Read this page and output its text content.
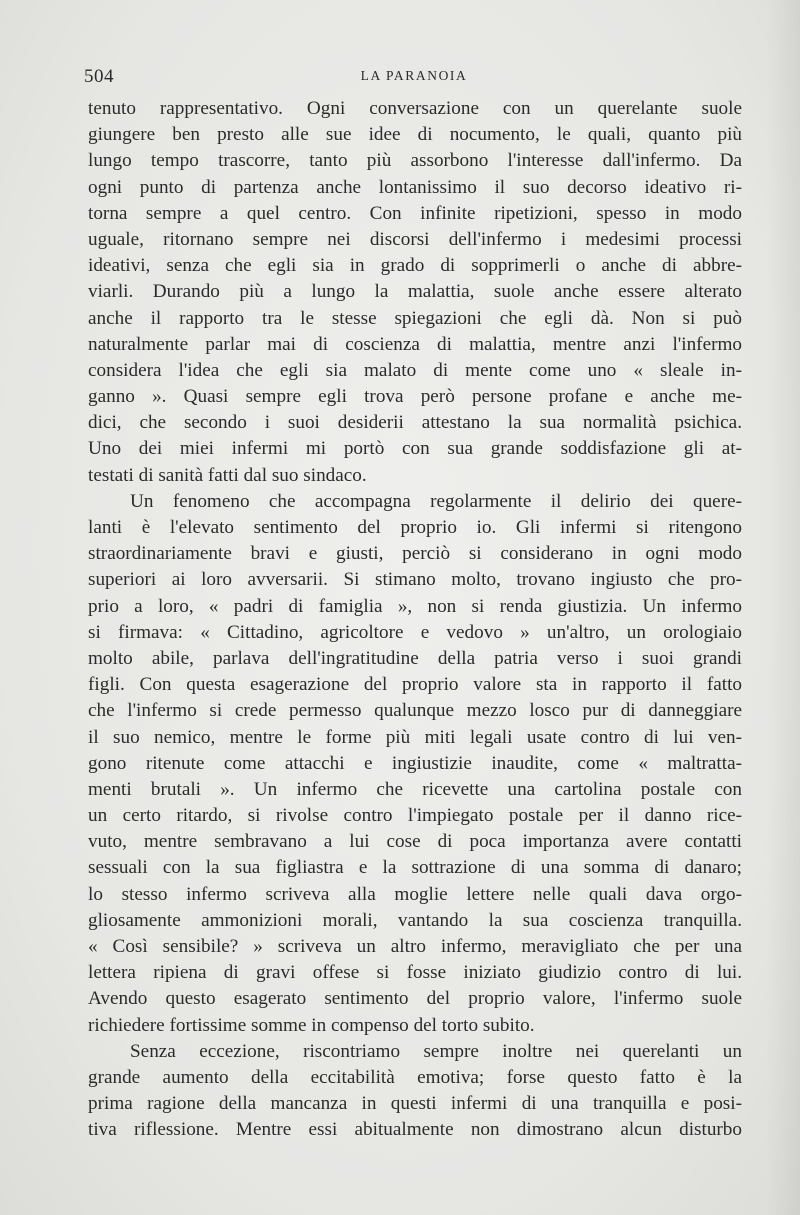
504	LA PARANOIA
tenuto rappresentativo. Ogni conversazione con un querelante suole
giungere ben presto alle sue idee di nocumento, le quali, quanto più
lungo tempo trascorre, tanto più assorbono l'interesse dall'infermo. Da
ogni punto di partenza anche lontanissimo il suo decorso ideativo ri-
torna sempre a quel centro. Con infinite ripetizioni, spesso in modo
uguale, ritornano sempre nei discorsi dell'infermo i medesimi processi
ideativi, senza che egli sia in grado di sopprimerli o anche di abbre-
viarli. Durando più a lungo la malattia, suole anche essere alterato
anche il rapporto tra le stesse spiegazioni che egli dà. Non si può
naturalmente parlar mai di coscienza di malattia, mentre anzi l'infermo
considera l'idea che egli sia malato di mente come uno « sleale in-
ganno ». Quasi sempre egli trova però persone profane e anche me-
dici, che secondo i suoi desiderii attestano la sua normalità psichica.
Uno dei miei infermi mi portò con sua grande soddisfazione gli at-
testati di sanità fatti dal suo sindaco.
Un fenomeno che accompagna regolarmente il delirio dei quere-
lanti è l'elevato sentimento del proprio io. Gli infermi si ritengono
straordinariamente bravi e giusti, perciò si considerano in ogni modo
superiori ai loro avversarii. Si stimano molto, trovano ingiusto che pro-
prio a loro, « padri di famiglia », non si renda giustizia. Un infermo
si firmava: « Cittadino, agricoltore e vedovo » un'altro, un orologiaio
molto abile, parlava dell'ingratitudine della patria verso i suoi grandi
figli. Con questa esagerazione del proprio valore sta in rapporto il fatto
che l'infermo si crede permesso qualunque mezzo losco pur di danneggiare
il suo nemico, mentre le forme più miti legali usate contro di lui ven-
gono ritenute come attacchi e ingiustizie inaudite, come « maltratta-
menti brutali ». Un infermo che ricevette una cartolina postale con
un certo ritardo, si rivolse contro l'impiegato postale per il danno rice-
vuto, mentre sembravano a lui cose di poca importanza avere contatti
sessuali con la sua figliastra e la sottrazione di una somma di danaro;
lo stesso infermo scriveva alla moglie lettere nelle quali dava orgo-
gliosamente ammonizioni morali, vantando la sua coscienza tranquilla.
« Così sensibile? » scriveva un altro infermo, meravigliato che per una
lettera ripiena di gravi offese si fosse iniziato giudizio contro di lui.
Avendo questo esagerato sentimento del proprio valore, l'infermo suole
richiedere fortissime somme in compenso del torto subito.
Senza eccezione, riscontriamo sempre inoltre nei querelanti un
grande aumento della eccitabilità emotiva; forse questo fatto è la
prima ragione della mancanza in questi infermi di una tranquilla e posi-
tiva riflessione. Mentre essi abitualmente non dimostrano alcun disturbo
